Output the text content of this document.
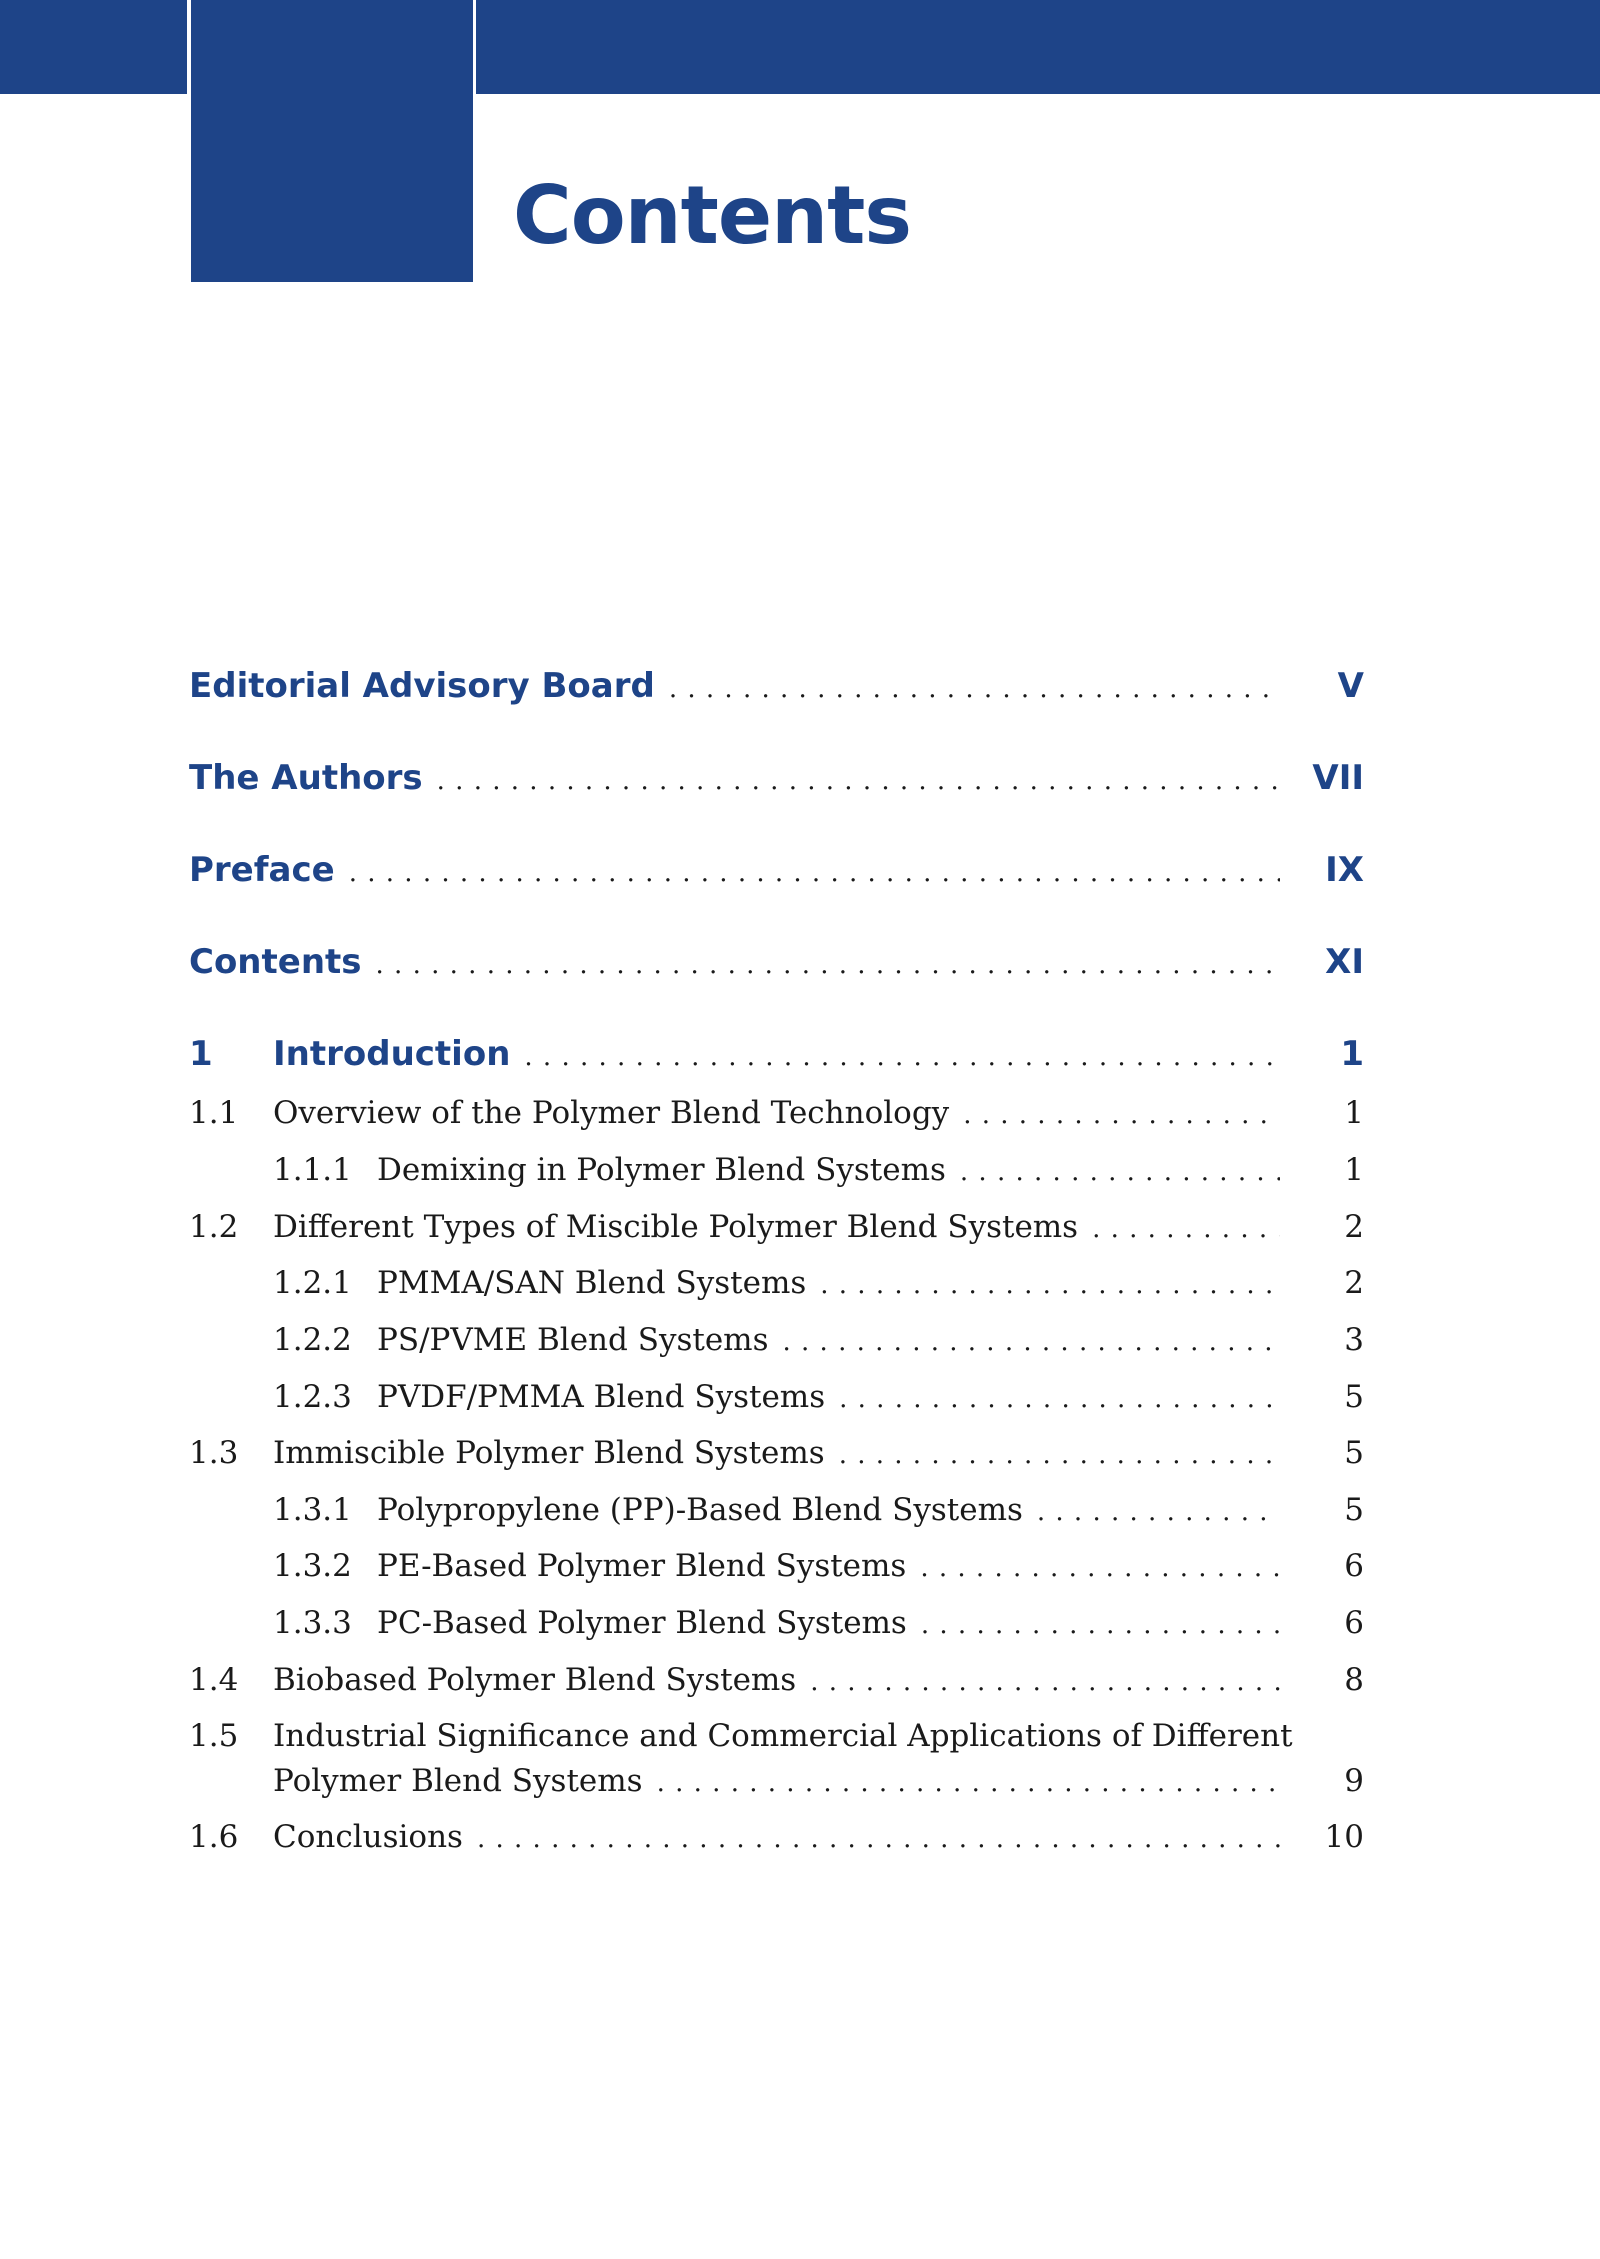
Contents
Editorial Advisory Board . . .	V
The Authors . . .	VII
Preface . . .	IX
Contents . . .	XI
1	Introduction . . .	1
1.1	Overview of the Polymer Blend Technology . . .	1
1.1.1 Demixing in Polymer Blend Systems . . .	1
1.2	Different Types of Miscible Polymer Blend Systems . . .	2
1.2.1 PMMA/SAN Blend Systems . . .	2
1.2.2 PS/PVME Blend Systems . . .	3
1.2.3 PVDF/PMMA Blend Systems . . .	5
1.3	Immiscible Polymer Blend Systems . . .	5
1.3.1 Polypropylene (PP)-Based Blend Systems . . .	5
1.3.2 PE-Based Polymer Blend Systems . . .	6
1.3.3 PC-Based Polymer Blend Systems . . .	6
1.4	Biobased Polymer Blend Systems . . .	8
1.5	Industrial Significance and Commercial Applications of Different
Polymer Blend Systems . . .	9
1.6	Conclusions . . .	10
